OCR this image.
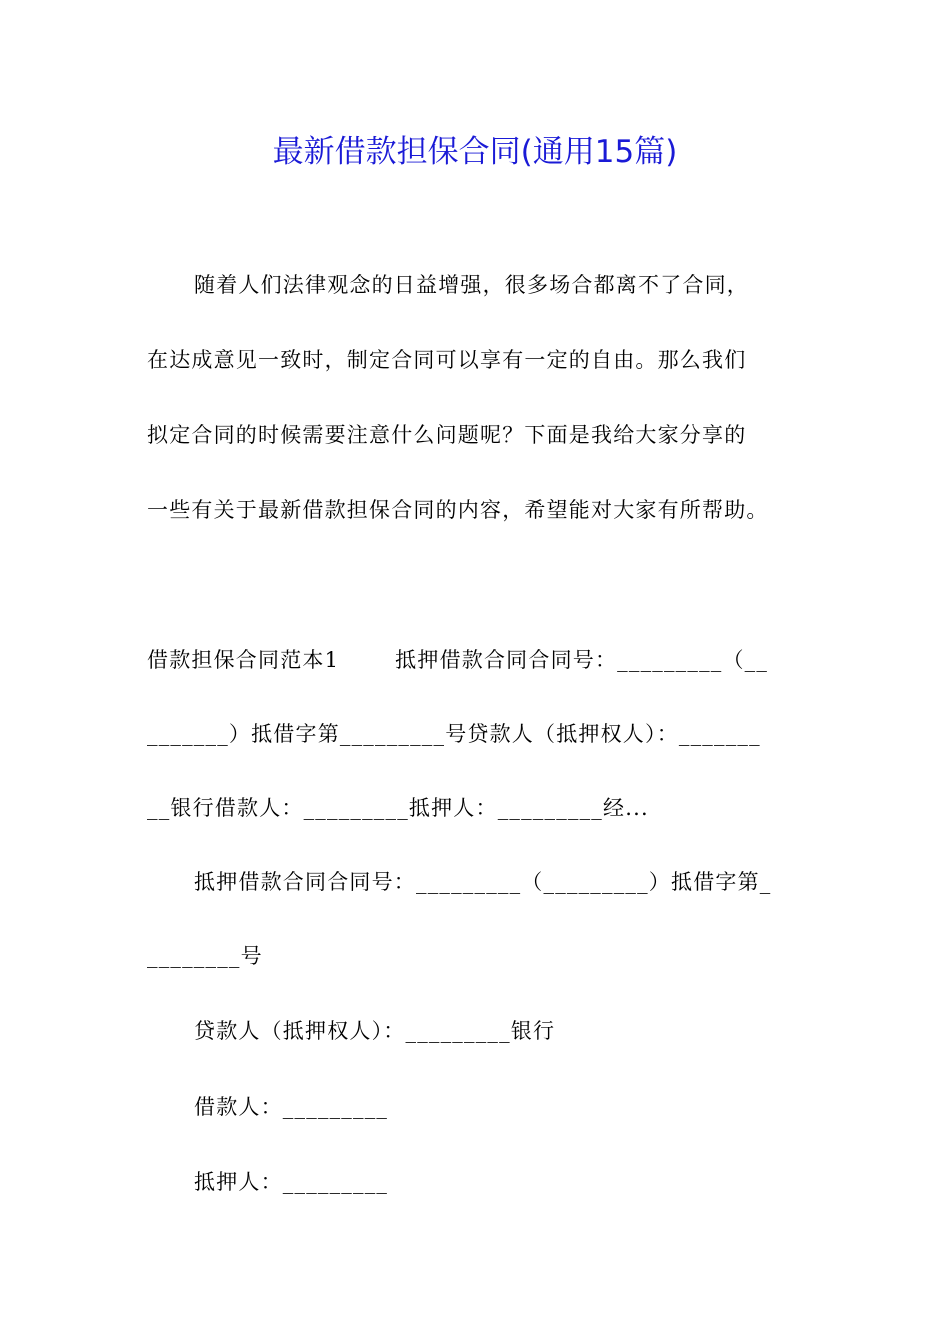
最新借款担保合同(通用15篇)

随着人们法律观念的日益增强，很多场合都离不了合同，

在达成意见一致时，制定合同可以享有一定的自由。那么我们

拟定合同的时候需要注意什么问题呢？下面是我给大家分享的

一些有关于最新借款担保合同的内容，希望能对大家有所帮助。

借款担保合同范本1	抵押借款合同合同号：_________（__

_______）抵借字第_________号贷款人（抵押权人）：_______

__银行借款人：_________抵押人：_________经...

抵押借款合同合同号：_________（_________）抵借字第_

________号

贷款人（抵押权人）：_________银行

借款人：_________

抵押人：_________
